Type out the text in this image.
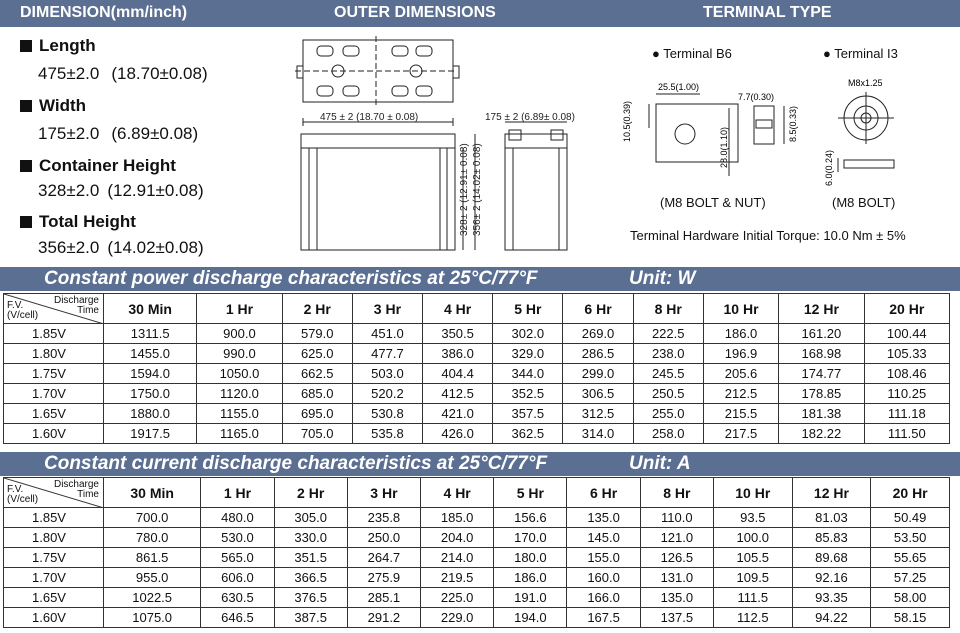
DIMENSION(mm/inch)	OUTER DIMENSIONS	TERMINAL TYPE
Length
475±2.0 (18.70±0.08)
Width
175±2.0 (6.89±0.08)
Container Height
328±2.0 (12.91±0.08)
Total Height
356±2.0 (14.02±0.08)
475 ± 2 (18.70 ± 0.08)
328± 2 (12.91± 0.08) 356± 2 (14.02± 0.08)
175 ± 2 (6.89± 0.08)
● Terminal B6	● Terminal I3
25.5(1.00)
7.7(0.30)
10.5(0.39)
28.0(1.10)
8.5(0.33)
M8x1.25
6.0(0.24)
(M8 BOLT & NUT)	(M8 BOLT)
Terminal Hardware Initial Torque: 10.0 Nm ± 5%
Constant power discharge characteristics at 25°C/77°F	Unit: W
Discharge
Time
F.V.
(V/cell)	30 Min	1 Hr	2 Hr	3 Hr	4 Hr	5 Hr	6 Hr	8 Hr	10 Hr	12 Hr	20 Hr
1.85V	1311.5	900.0	579.0	451.0	350.5	302.0	269.0	222.5	186.0	161.20	100.44
1.80V	1455.0	990.0	625.0	477.7	386.0	329.0	286.5	238.0	196.9	168.98	105.33
1.75V	1594.0	1050.0	662.5	503.0	404.4	344.0	299.0	245.5	205.6	174.77	108.46
1.70V	1750.0	1120.0	685.0	520.2	412.5	352.5	306.5	250.5	212.5	178.85	110.25
1.65V	1880.0	1155.0	695.0	530.8	421.0	357.5	312.5	255.0	215.5	181.38	111.18
1.60V	1917.5	1165.0	705.0	535.8	426.0	362.5	314.0	258.0	217.5	182.22	111.50
Constant current discharge characteristics at 25°C/77°F	Unit: A
Discharge
Time
F.V.
(V/cell)	30 Min	1 Hr	2 Hr	3 Hr	4 Hr	5 Hr	6 Hr	8 Hr	10 Hr	12 Hr	20 Hr
1.85V	700.0	480.0	305.0	235.8	185.0	156.6	135.0	110.0	93.5	81.03	50.49
1.80V	780.0	530.0	330.0	250.0	204.0	170.0	145.0	121.0	100.0	85.83	53.50
1.75V	861.5	565.0	351.5	264.7	214.0	180.0	155.0	126.5	105.5	89.68	55.65
1.70V	955.0	606.0	366.5	275.9	219.5	186.0	160.0	131.0	109.5	92.16	57.25
1.65V	1022.5	630.5	376.5	285.1	225.0	191.0	166.0	135.0	111.5	93.35	58.00
1.60V	1075.0	646.5	387.5	291.2	229.0	194.0	167.5	137.5	112.5	94.22	58.15
